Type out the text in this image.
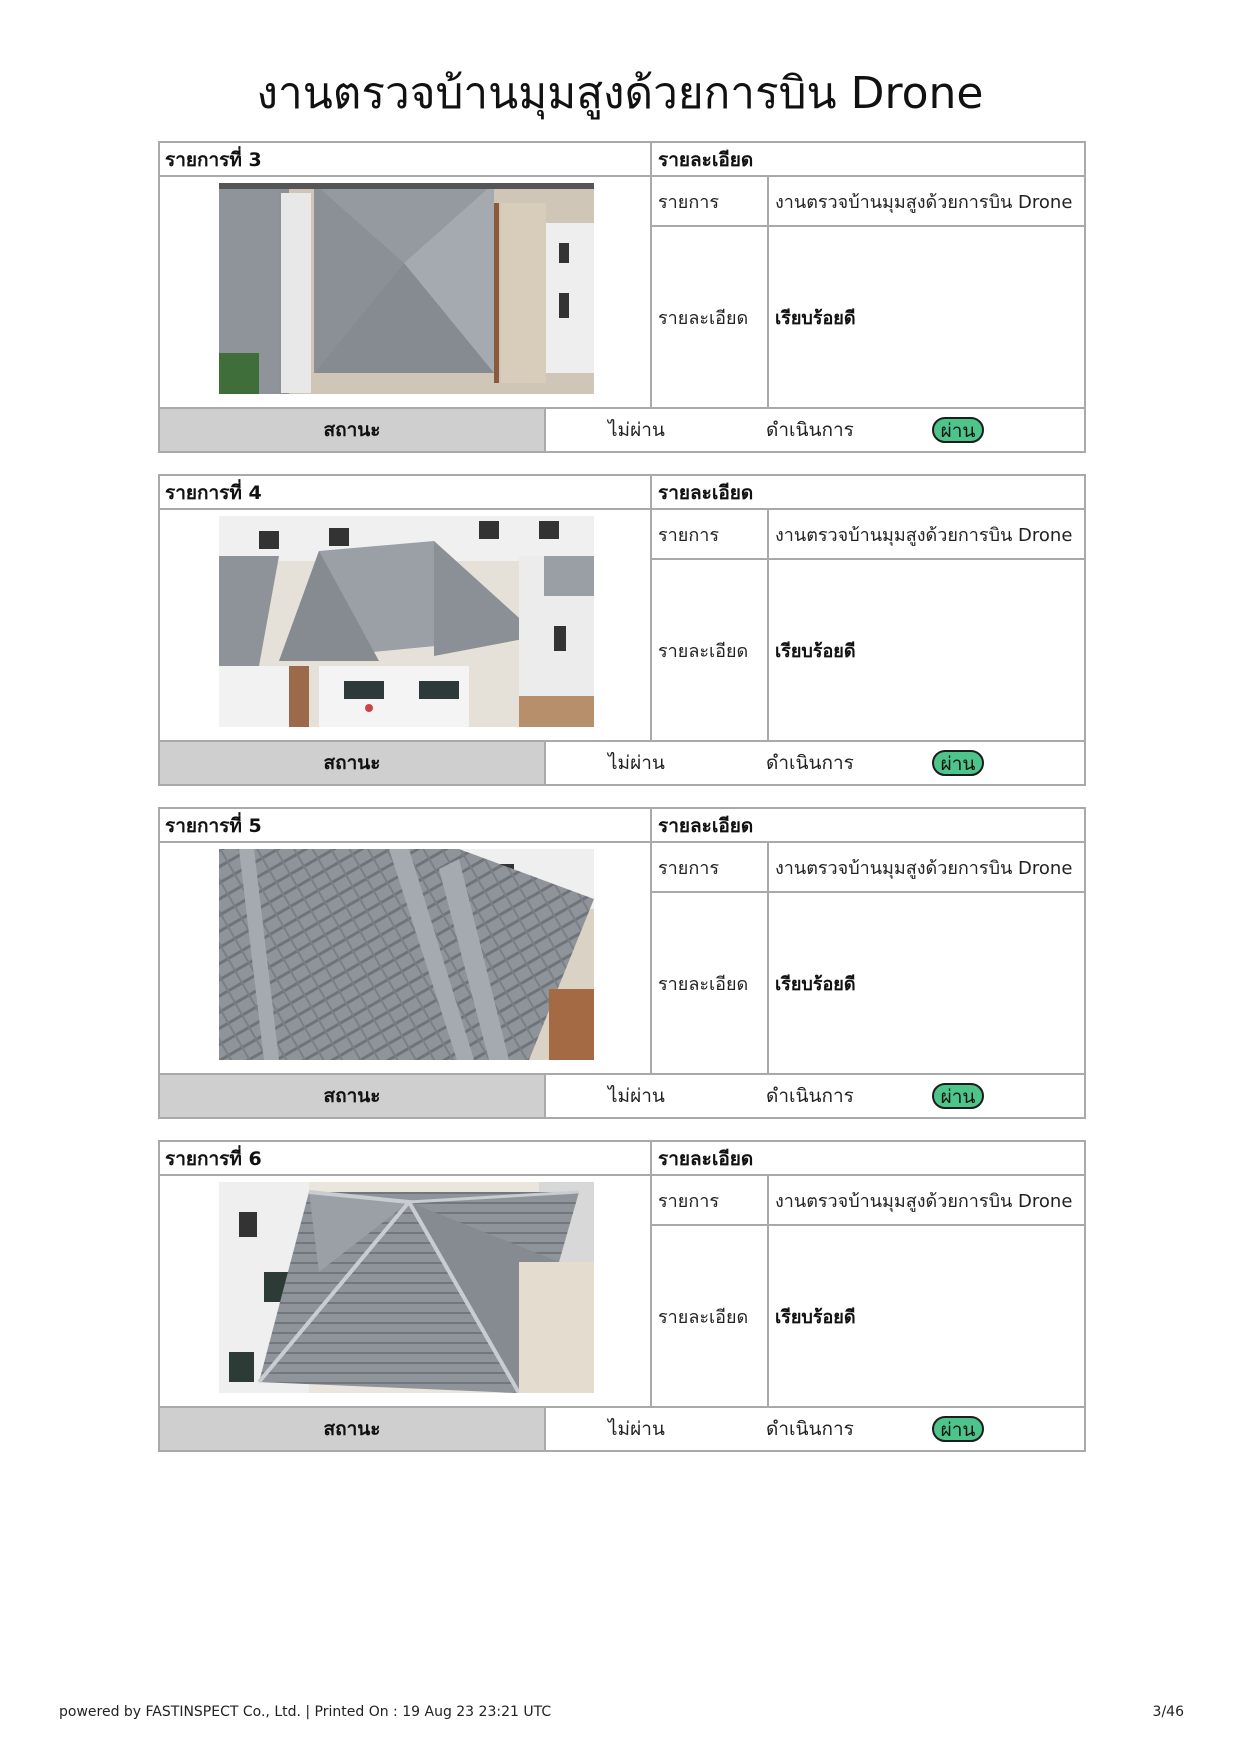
งานตรวจบ้านมุมสูงด้วยการบิน Drone
รายการที่ 3	รายละเอียด
รายการ	งานตรวจบ้านมุมสูงด้วยการบิน Drone
รายละเอียด	เรียบร้อยดี
สถานะ	ไม่ผ่าน	ดำเนินการ	ผ่าน
รายการที่ 4	รายละเอียด
รายการ	งานตรวจบ้านมุมสูงด้วยการบิน Drone
รายละเอียด	เรียบร้อยดี
สถานะ	ไม่ผ่าน	ดำเนินการ	ผ่าน
รายการที่ 5	รายละเอียด
รายการ	งานตรวจบ้านมุมสูงด้วยการบิน Drone
รายละเอียด	เรียบร้อยดี
สถานะ	ไม่ผ่าน	ดำเนินการ	ผ่าน
รายการที่ 6	รายละเอียด
รายการ	งานตรวจบ้านมุมสูงด้วยการบิน Drone
รายละเอียด	เรียบร้อยดี
สถานะ	ไม่ผ่าน	ดำเนินการ	ผ่าน
powered by FASTINSPECT Co., Ltd. | Printed On : 19 Aug 23 23:21 UTC	3/46
